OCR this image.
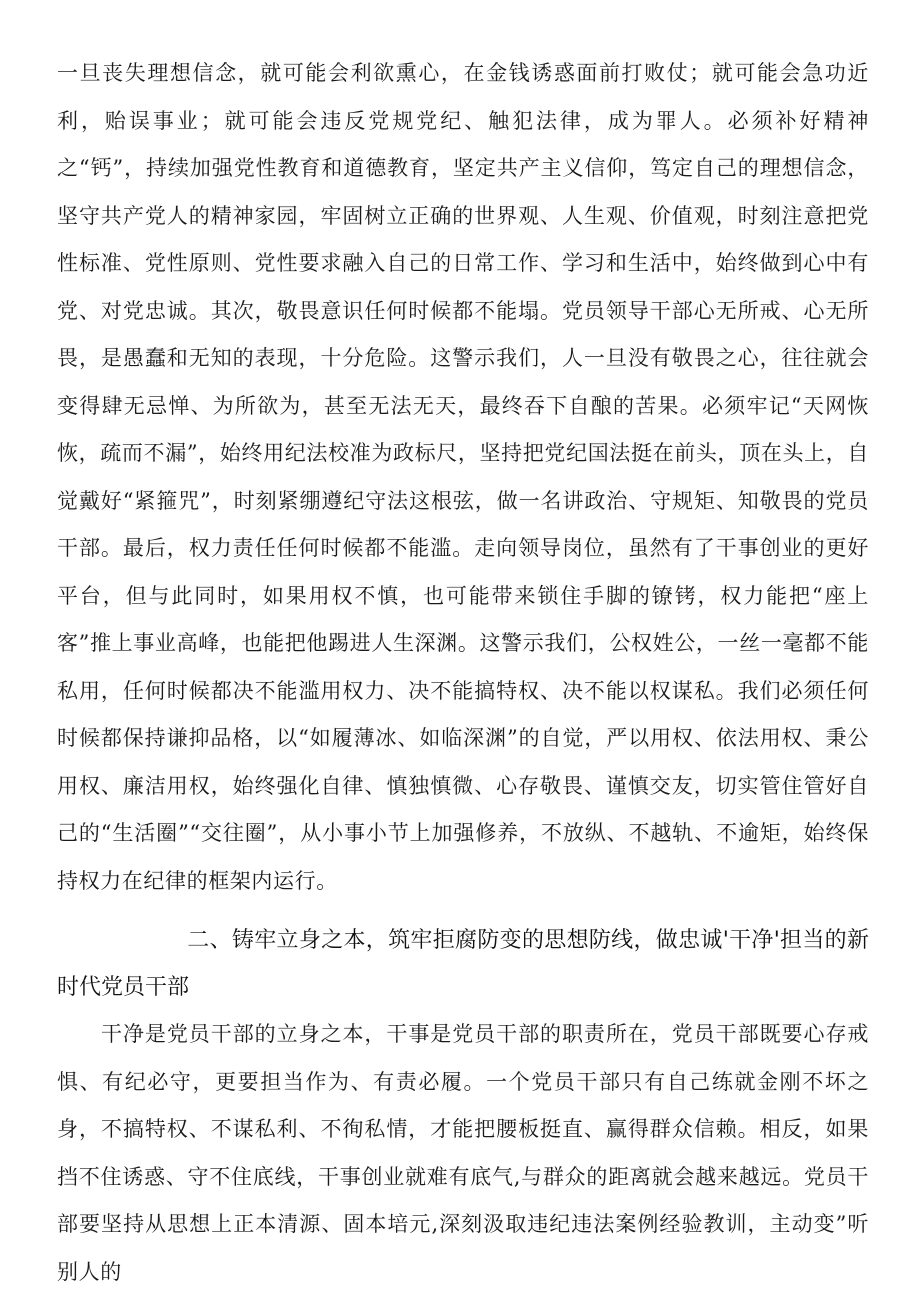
一旦丧失理想信念，就可能会利欲熏心，在金钱诱惑面前打败仗；就可能会急功近利，贻误事业；就可能会违反党规党纪、触犯法律，成为罪人。必须补好精神之“钙”，持续加强党性教育和道德教育，坚定共产主义信仰，笃定自己的理想信念，坚守共产党人的精神家园，牢固树立正确的世界观、人生观、价值观，时刻注意把党性标准、党性原则、党性要求融入自己的日常工作、学习和生活中，始终做到心中有党、对党忠诚。其次，敬畏意识任何时候都不能塌。党员领导干部心无所戒、心无所畏，是愚蠢和无知的表现，十分危险。这警示我们，人一旦没有敬畏之心，往往就会变得肆无忌惮、为所欲为，甚至无法无天，最终吞下自酿的苦果。必须牢记“天网恢恢，疏而不漏”，始终用纪法校准为政标尺，坚持把党纪国法挺在前头，顶在头上，自觉戴好“紧箍咒”，时刻紧绷遵纪守法这根弦，做一名讲政治、守规矩、知敬畏的党员干部。最后，权力责任任何时候都不能滥。走向领导岗位，虽然有了干事创业的更好平台，但与此同时，如果用权不慎，也可能带来锁住手脚的镣铐，权力能把“座上客”推上事业高峰，也能把他踢进人生深渊。这警示我们，公权姓公，一丝一毫都不能私用，任何时候都决不能滥用权力、决不能搞特权、决不能以权谋私。我们必须任何时候都保持谦抑品格，以“如履薄冰、如临深渊”的自觉，严以用权、依法用权、秉公用权、廉洁用权，始终强化自律、慎独慎微、心存敬畏、谨慎交友，切实管住管好自己的“生活圈”“交往圈”，从小事小节上加强修养，不放纵、不越轨、不逾矩，始终保持权力在纪律的框架内运行。

二、铸牢立身之本，筑牢拒腐防变的思想防线，做忠诚'干净'担当的新时代党员干部

干净是党员干部的立身之本，干事是党员干部的职责所在，党员干部既要心存戒惧、有纪必守，更要担当作为、有责必履。一个党员干部只有自己练就金刚不坏之身，不搞特权、不谋私利、不徇私情，才能把腰板挺直、赢得群众信赖。相反，如果挡不住诱惑、守不住底线，干事创业就难有底气,与群众的距离就会越来越远。党员干部要坚持从思想上正本清源、固本培元,深刻汲取违纪违法案例经验教训，主动变”听别人的
